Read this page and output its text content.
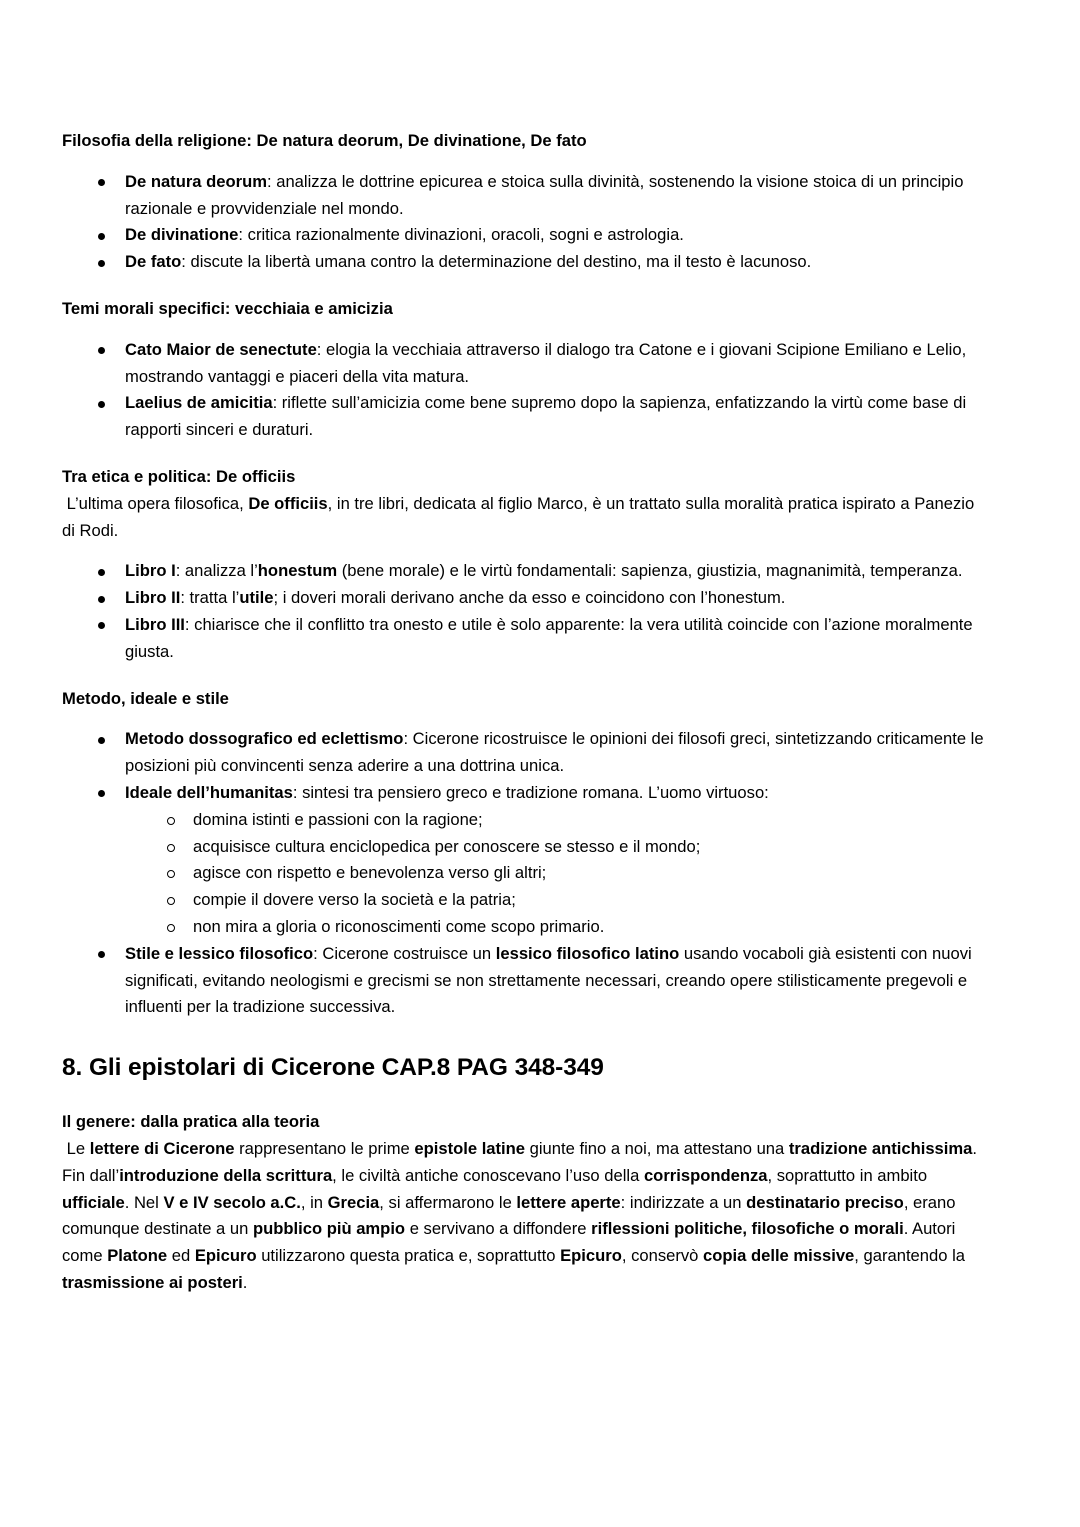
Filosofia della religione: De natura deorum, De divinatione, De fato
De natura deorum: analizza le dottrine epicurea e stoica sulla divinità, sostenendo la visione stoica di un principio razionale e provvidenziale nel mondo.
De divinatione: critica razionalmente divinazioni, oracoli, sogni e astrologia.
De fato: discute la libertà umana contro la determinazione del destino, ma il testo è lacunoso.
Temi morali specifici: vecchiaia e amicizia
Cato Maior de senectute: elogia la vecchiaia attraverso il dialogo tra Catone e i giovani Scipione Emiliano e Lelio, mostrando vantaggi e piaceri della vita matura.
Laelius de amicitia: riflette sull’amicizia come bene supremo dopo la sapienza, enfatizzando la virtù come base di rapporti sinceri e duraturi.
Tra etica e politica: De officiis

L’ultima opera filosofica, De officiis, in tre libri, dedicata al figlio Marco, è un trattato sulla moralità pratica ispirato a Panezio di Rodi.

Libro I: analizza l’honestum (bene morale) e le virtù fondamentali: sapienza, giustizia, magnanimità, temperanza.
Libro II: tratta l’utile; i doveri morali derivano anche da esso e coincidono con l’honestum.
Libro III: chiarisce che il conflitto tra onesto e utile è solo apparente: la vera utilità coincide con l’azione moralmente giusta.
Metodo, ideale e stile
Metodo dossografico ed eclettismo: Cicerone ricostruisce le opinioni dei filosofi greci, sintetizzando criticamente le posizioni più convincenti senza aderire a una dottrina unica.
Ideale dell’humanitas: sintesi tra pensiero greco e tradizione romana. L’uomo virtuoso:
domina istinti e passioni con la ragione;
acquisisce cultura enciclopedica per conoscere se stesso e il mondo;
agisce con rispetto e benevolenza verso gli altri;
compie il dovere verso la società e la patria;
non mira a gloria o riconoscimenti come scopo primario.
Stile e lessico filosofico: Cicerone costruisce un lessico filosofico latino usando vocaboli già esistenti con nuovi significati, evitando neologismi e grecismi se non strettamente necessari, creando opere stilisticamente pregevoli e influenti per la tradizione successiva.
8. Gli epistolari di Cicerone CAP.8 PAG 348-349
Il genere: dalla pratica alla teoria

Le lettere di Cicerone rappresentano le prime epistole latine giunte fino a noi, ma attestano una tradizione antichissima. Fin dall’introduzione della scrittura, le civiltà antiche conoscevano l’uso della corrispondenza, soprattutto in ambito ufficiale. Nel V e IV secolo a.C., in Grecia, si affermarono le lettere aperte: indirizzate a un destinatario preciso, erano comunque destinate a un pubblico più ampio e servivano a diffondere riflessioni politiche, filosofiche o morali. Autori come Platone ed Epicuro utilizzarono questa pratica e, soprattutto Epicuro, conservò copia delle missive, garantendo la trasmissione ai posteri.
